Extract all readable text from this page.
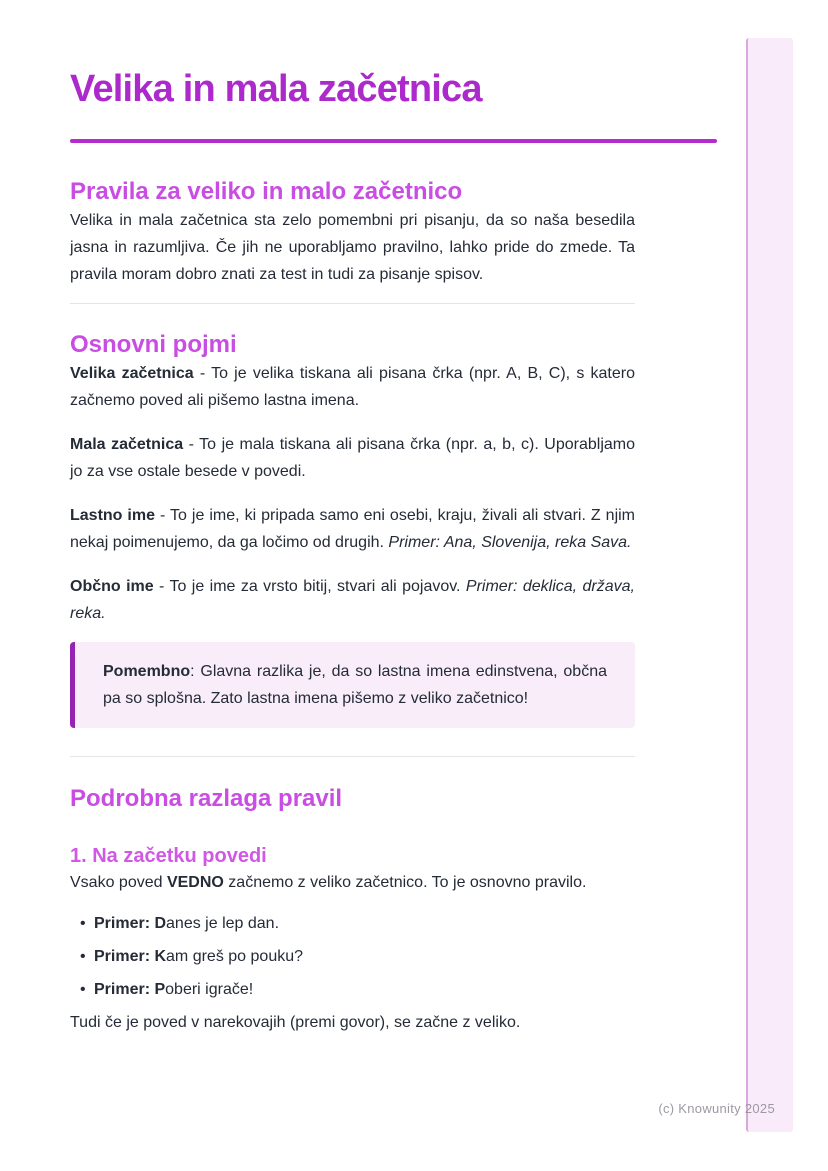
Velika in mala začetnica
Pravila za veliko in malo začetnico

Velika in mala začetnica sta zelo pomembni pri pisanju, da so naša besedila jasna in razumljiva. Če jih ne uporabljamo pravilno, lahko pride do zmede. Ta pravila moram dobro znati za test in tudi za pisanje spisov.

Osnovni pojmi

Velika začetnica - To je velika tiskana ali pisana črka (npr. A, B, C), s katero začnemo poved ali pišemo lastna imena.

Mala začetnica - To je mala tiskana ali pisana črka (npr. a, b, c). Uporabljamo jo za vse ostale besede v povedi.

Lastno ime - To je ime, ki pripada samo eni osebi, kraju, živali ali stvari. Z njim nekaj poimenujemo, da ga ločimo od drugih. Primer: Ana, Slovenija, reka Sava.

Občno ime - To je ime za vrsto bitij, stvari ali pojavov. Primer: deklica, država, reka.

Pomembno: Glavna razlika je, da so lastna imena edinstvena, občna pa so splošna. Zato lastna imena pišemo z veliko začetnico!

Podrobna razlaga pravil
1. Na začetku povedi

Vsako poved VEDNO začnemo z veliko začetnico. To je osnovno pravilo.

• Primer: Danes je lep dan.
• Primer: Kam greš po pouku?
• Primer: Poberi igrače!

Tudi če je poved v narekovajih (premi govor), se začne z veliko.

(c) Knowunity 2025
